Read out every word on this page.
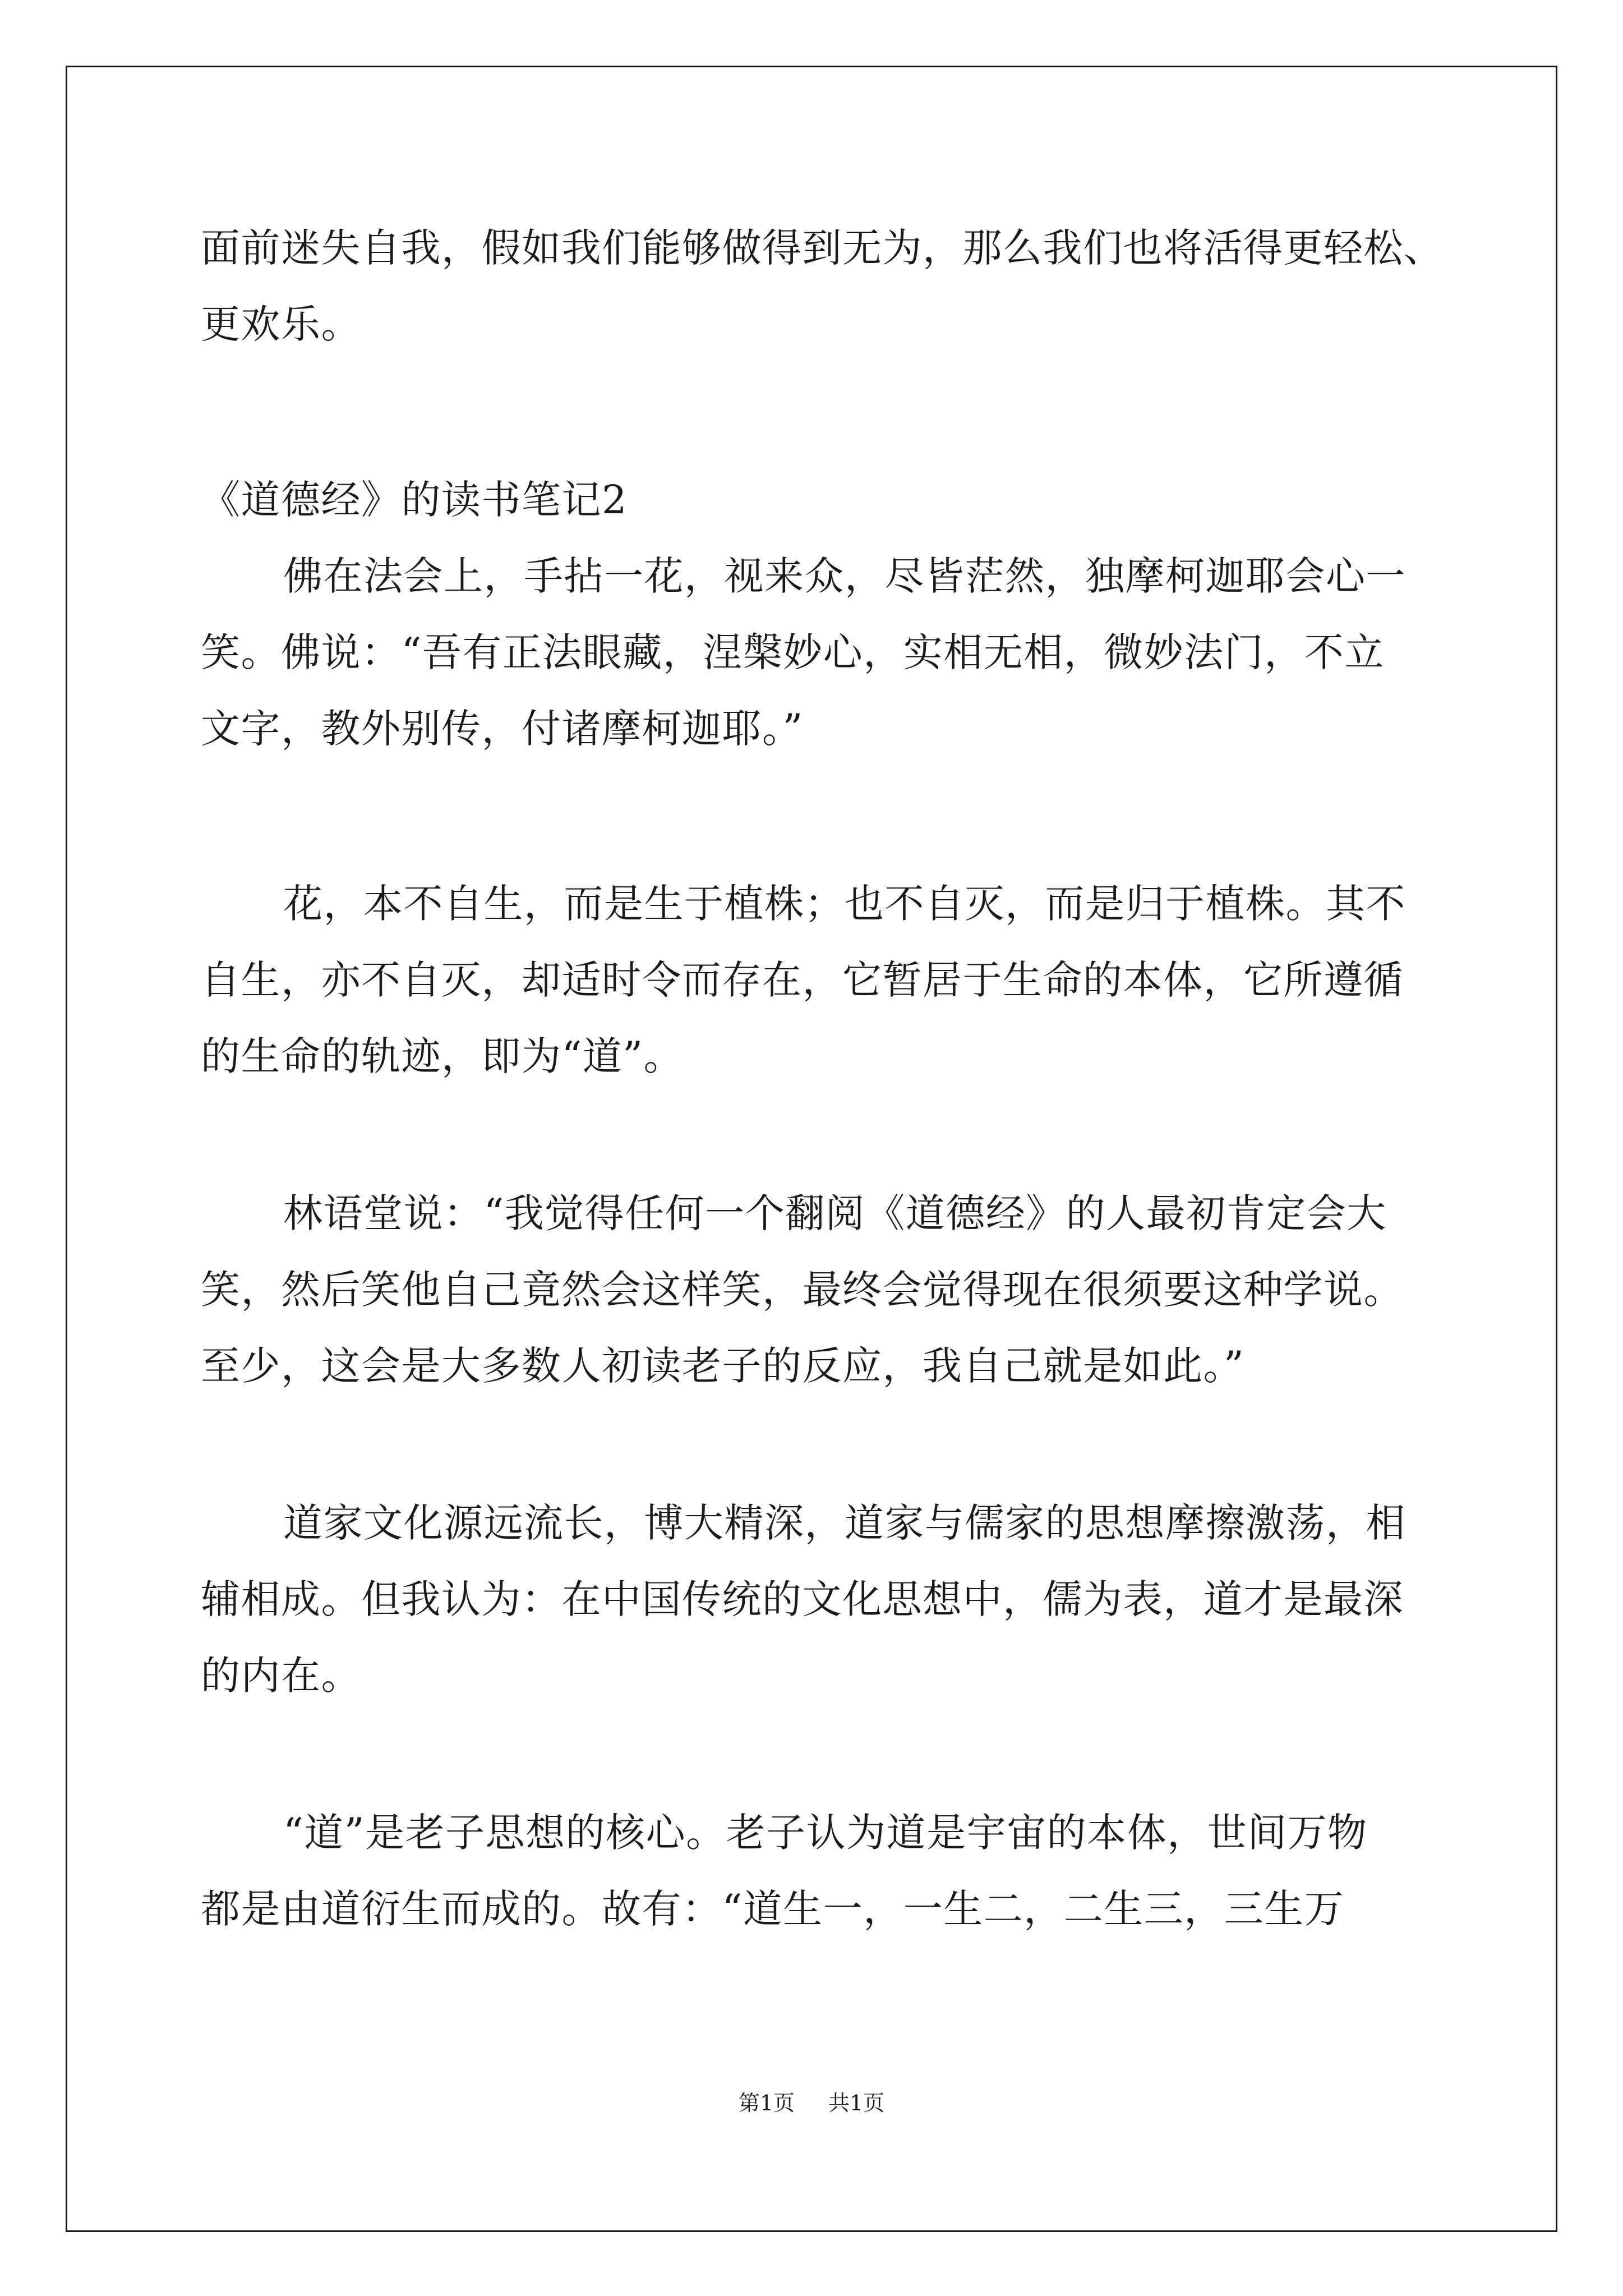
面前迷失自我，假如我们能够做得到无为，那么我们也将活得更轻松、

更欢乐。

《道德经》的读书笔记2

佛在法会上，手拈一花，视来众，尽皆茫然，独摩柯迦耶会心一

笑。佛说：“吾有正法眼藏，涅槃妙心，实相无相，微妙法门，不立

文字，教外别传，付诸摩柯迦耶。”

花，本不自生，而是生于植株；也不自灭，而是归于植株。其不

自生，亦不自灭，却适时令而存在，它暂居于生命的本体，它所遵循

的生命的轨迹，即为“道”。

林语堂说：“我觉得任何一个翻阅《道德经》的人最初肯定会大

笑，然后笑他自己竟然会这样笑，最终会觉得现在很须要这种学说。

至少，这会是大多数人初读老子的反应，我自己就是如此。”

道家文化源远流长，博大精深，道家与儒家的思想摩擦激荡，相

辅相成。但我认为：在中国传统的文化思想中，儒为表，道才是最深

的内在。

“道”是老子思想的核心。老子认为道是宇宙的本体，世间万物

都是由道衍生而成的。故有：“道生一，一生二，二生三，三生万

第1页 共1页
